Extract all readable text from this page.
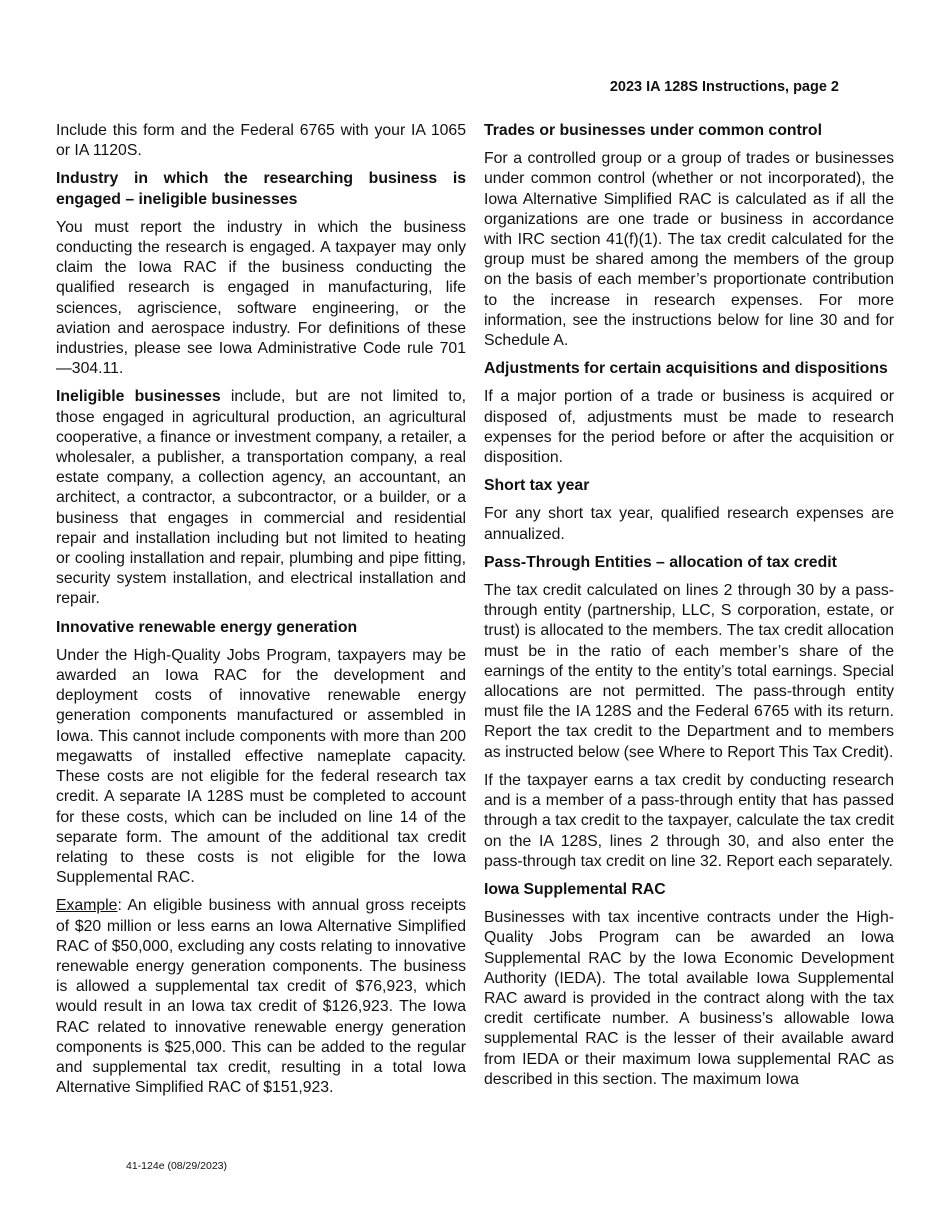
2023 IA 128S Instructions, page 2

Include this form and the Federal 6765 with your IA 1065 or IA 1120S.

Industry in which the researching business is engaged – ineligible businesses

You must report the industry in which the business conducting the research is engaged. A taxpayer may only claim the Iowa RAC if the business conducting the qualified research is engaged in manufacturing, life sciences, agriscience, software engineering, or the aviation and aerospace industry. For definitions of these industries, please see Iowa Administrative Code rule 701—304.11.

Ineligible businesses include, but are not limited to, those engaged in agricultural production, an agricultural cooperative, a finance or investment company, a retailer, a wholesaler, a publisher, a transportation company, a real estate company, a collection agency, an accountant, an architect, a contractor, a subcontractor, or a builder, or a business that engages in commercial and residential repair and installation including but not limited to heating or cooling installation and repair, plumbing and pipe fitting, security system installation, and electrical installation and repair.

Innovative renewable energy generation

Under the High-Quality Jobs Program, taxpayers may be awarded an Iowa RAC for the development and deployment costs of innovative renewable energy generation components manufactured or assembled in Iowa. This cannot include components with more than 200 megawatts of installed effective nameplate capacity. These costs are not eligible for the federal research tax credit. A separate IA 128S must be completed to account for these costs, which can be included on line 14 of the separate form. The amount of the additional tax credit relating to these costs is not eligible for the Iowa Supplemental RAC.

Example: An eligible business with annual gross receipts of $20 million or less earns an Iowa Alternative Simplified RAC of $50,000, excluding any costs relating to innovative renewable energy generation components. The business is allowed a supplemental tax credit of $76,923, which would result in an Iowa tax credit of $126,923. The Iowa RAC related to innovative renewable energy generation components is $25,000. This can be added to the regular and supplemental tax credit, resulting in a total Iowa Alternative Simplified RAC of $151,923.

Trades or businesses under common control

For a controlled group or a group of trades or businesses under common control (whether or not incorporated), the Iowa Alternative Simplified RAC is calculated as if all the organizations are one trade or business in accordance with IRC section 41(f)(1). The tax credit calculated for the group must be shared among the members of the group on the basis of each member’s proportionate contribution to the increase in research expenses. For more information, see the instructions below for line 30 and for Schedule A.

Adjustments for certain acquisitions and dispositions

If a major portion of a trade or business is acquired or disposed of, adjustments must be made to research expenses for the period before or after the acquisition or disposition.

Short tax year

For any short tax year, qualified research expenses are annualized.

Pass-Through Entities – allocation of tax credit

The tax credit calculated on lines 2 through 30 by a pass-through entity (partnership, LLC, S corporation, estate, or trust) is allocated to the members. The tax credit allocation must be in the ratio of each member’s share of the earnings of the entity to the entity’s total earnings. Special allocations are not permitted. The pass-through entity must file the IA 128S and the Federal 6765 with its return. Report the tax credit to the Department and to members as instructed below (see Where to Report This Tax Credit).

If the taxpayer earns a tax credit by conducting research and is a member of a pass-through entity that has passed through a tax credit to the taxpayer, calculate the tax credit on the IA 128S, lines 2 through 30, and also enter the pass-through tax credit on line 32. Report each separately.

Iowa Supplemental RAC

Businesses with tax incentive contracts under the High-Quality Jobs Program can be awarded an Iowa Supplemental RAC by the Iowa Economic Development Authority (IEDA). The total available Iowa Supplemental RAC award is provided in the contract along with the tax credit certificate number. A business’s allowable Iowa supplemental RAC is the lesser of their available award from IEDA or their maximum Iowa supplemental RAC as described in this section. The maximum Iowa

41-124e (08/29/2023)
